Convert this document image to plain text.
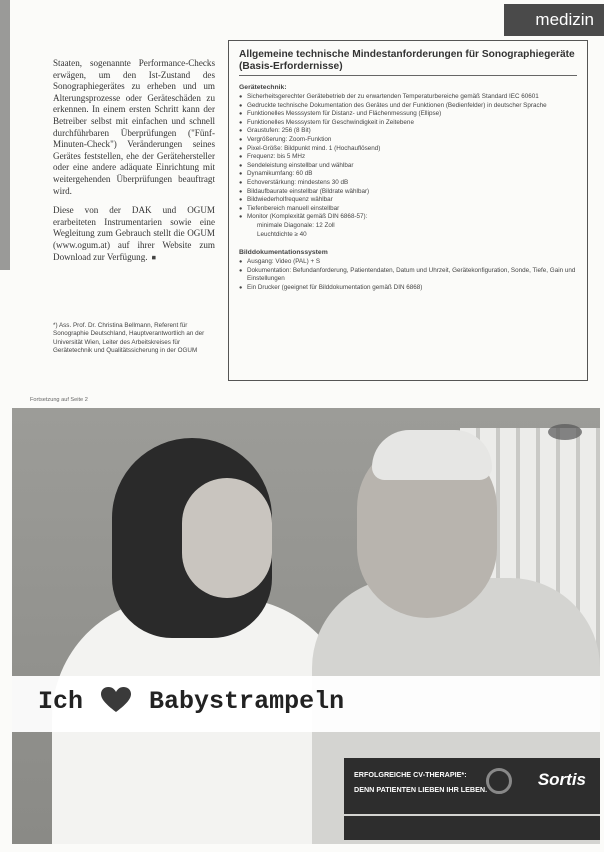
medizin

Staaten, sogenannte Performance-Checks erwägen, um den Ist-Zustand des Sonographiegerätes zu erheben und um Alterungsprozesse oder Geräteschäden zu erkennen. In einem ersten Schritt kann der Betreiber selbst mit einfachen und schnell durchführbaren Überprüfungen ("Fünf-Minuten-Check") Veränderungen seines Gerätes feststellen, ehe der Gerätehersteller oder eine andere adäquate Einrichtung mit weitergehenden Überprüfungen beauftragt wird.

Diese von der DAK und OGUM erarbeiteten Instrumentarien sowie eine Wegleitung zum Gebrauch stellt die OGUM (www.ogum.at) auf ihrer Website zum Download zur Verfügung. ◾

*) Ass. Prof. Dr. Christina Bellmann, Referent für Sonographie Deutschland, Hauptverantwortlich an der Universität Wien, Leiter des Arbeitskreises für Gerätetechnik und Qualitätssicherung in der OGUM
Allgemeine technische Mindestanforderungen für Sonographiegeräte (Basis-Erfordernisse)
Gerätetechnik:
● Sicherheitsgerechter Gerätebetrieb der zu erwartenden Temperaturbereiche gemäß Standard IEC 60601
● Gedruckte technische Dokumentation des Gerätes und der Funktionen (Bedienfelder) in deutscher Sprache
● Funktionelles Messsystem für Distanz- und Flächenmessung (Ellipse)
● Funktionelles Messsystem für Geschwindigkeit in Zeitebene
● Graustufen: 256 (8 Bit)
● Vergrößerung: Zoom-Funktion
● Pixel-Größe: Bildpunkt mind. 1 (Hochauflösend)
● Frequenz: bis 5 MHz
● Sendeleistung einstellbar und wählbar
● Dynamikumfang: 60 dB
● Echoverstärkung: mindestens 30 dB
● Bildaufbaurate einstellbar (Bildrate wählbar)
● Bildwiederholfrequenz wählbar
● Tiefenbereich manuell einstellbar
● Monitor (Komplexität gemäß DIN 6868-57):
minimale Diagonale: 12 Zoll
Leuchtdichte ≥ 40
Bilddokumentationssystem
● Ausgang: Video (PAL) + S
● Dokumentation: Befundanforderung, Patientendaten, Datum und Uhrzeit, Gerätekonfiguration, Sonde, Tiefe, Gain und Einstellungen
● Ein Drucker (geeignet für Bilddokumentation gemäß DIN 6868)
Fortsetzung auf Seite 2
Ich	Babystrampeln
ERFOLGREICHE CV-THERAPIE*:
DENN PATIENTEN LIEBEN IHR LEBEN.
Sortis
